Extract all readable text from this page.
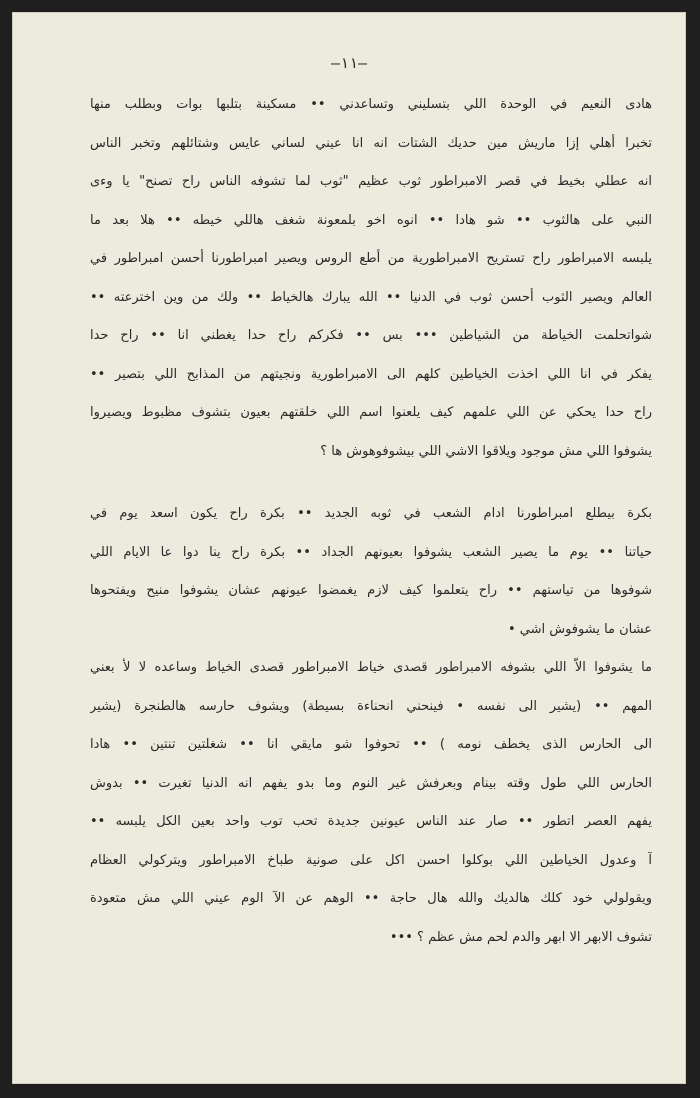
—١١—
هادى النعيم في الوحدة اللي بتسليني وتساعدني •• مسكينة بتلبها بوات وبطلب منها
تخبرا أهلي إزا ماريش مين حديك الشتات انه انا عيني لساني عايس وشتائلهم وتخبر الناس
انه عطلي بخيط في قصر الامبراطور ثوب عظيم "ثوب لما تشوفه الناس راح تصنح" يا وءى
النبي على هالثوب •• شو هادا •• انوه اخو بلمعونة شغف هاللي خيطه •• هلا بعد ما
يلبسه الامبراطور راح تستريح الامبراطورية من أطع الروس ويصير امبراطورنا أحسن امبراطور في
العالم ويصير الثوب أحسن ثوب في الدنيا •• الله يبارك هالخياط •• ولك من وين اخترعته ••
شواتحلمت الخياطة من الشياطين ••• بس •• فكركم راح حدا يغطني انا •• راح حدا
يفكر في انا اللي اخذت الخياطين كلهم الى الامبراطورية ونجيتهم من المذابح اللي بتصير ••
راح حدا يحكي عن اللي علمهم كيف يلعنوا اسم اللي خلقتهم بعيون بتشوف مظبوط ويصيروا
يشوفوا اللي مش موجود ويلاقوا الاشي اللي بيشوفوهوش ها ؟
بكرة بيطلع امبراطورنا ادام الشعب في ثوبه الجديد •• بكرة راح يكون اسعد يوم في
حياتنا •• يوم ما يصير الشعب يشوفوا بعيونهم الجداد •• بكرة راح ينا دوا عا الايام اللي
شوفوها من تياستهم •• راح يتعلموا كيف لازم يغمضوا عيونهم عشان يشوفوا منيح ويفتحوها
عشان ما يشوفوش اشي •
ما يشوفوا الاّ اللي بشوفه الامبراطور قصدى خياط الامبراطور قصدى الخياط وساعده لا لأ بعني
المهم •• (يشير الى نفسه • فينحني انحناءة بسيطة) ويشوف حارسه هالطنجرة (يشير
الى الحارس الذى يخطف نومه ) •• تحوفوا شو مايقي انا •• شغلتين تنتين •• هادا
الحارس اللي طول وقته بينام وبعرفش غير النوم وما بدو يفهم انه الدنيا تغيرت •• بدوش
يفهم العصر اتطور •• صار عند الناس عيونين جديدة تحب توب واحد بعين الكل يلبسه ••
آ وعدول الخياطين اللي بوكلوا احسن اكل على صونية طباخ الامبراطور ويتركولي العظام
ويقولولي خود كلك هالديك والله هال حاجة •• الوهم عن الآ الوم عيني اللي مش متعودة
تشوف الابهر الا ابهر والدم لحم مش عظم ؟ •••
